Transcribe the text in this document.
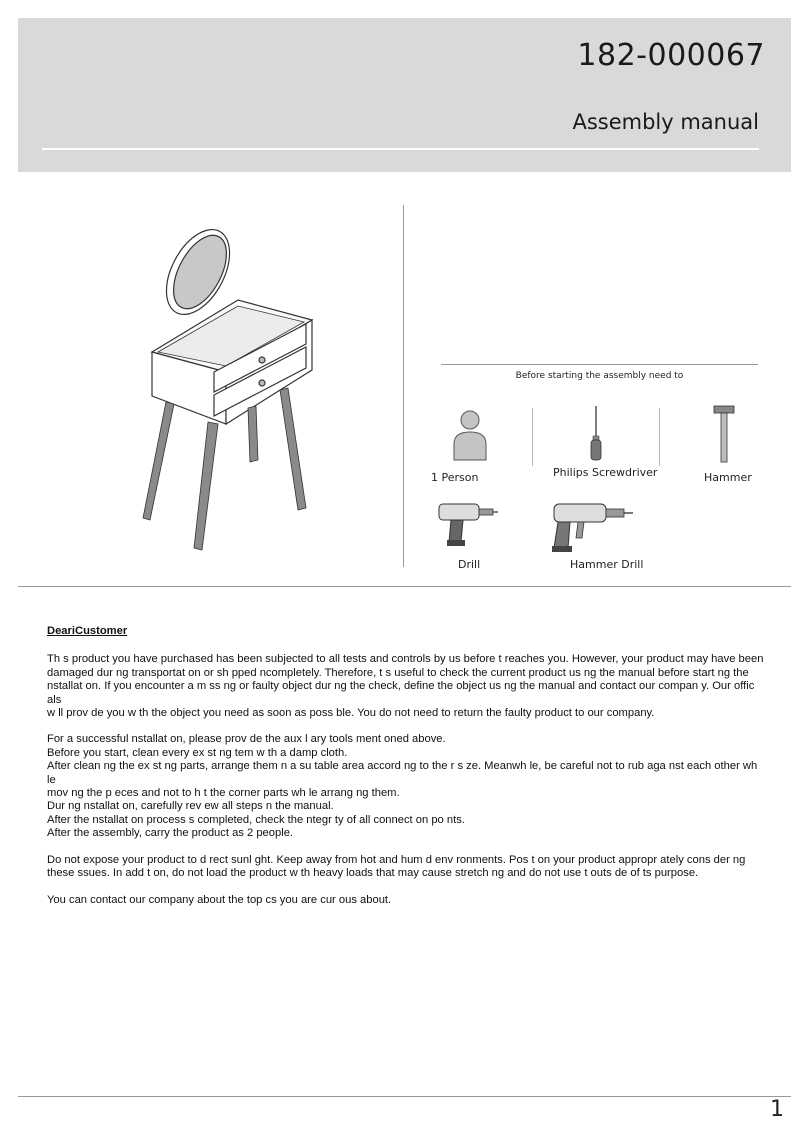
182-000067
Assembly manual
Before starting the assembly need to
1 Person	Philips Screwdriver	Hammer
Drill	Hammer Drill

DeariCustomer

Th s product you have purchased has been subjected to all tests and controls by us before t reaches you. However, your product may have been
damaged dur ng transportat on or sh pped ncompletely. Therefore, t s useful to check the current product us ng the manual before start ng the
nstallat on. If you encounter a m ss ng or faulty object dur ng the check, define the object us ng the manual and contact our compan y. Our offic als
w ll prov de you w th the object you need as soon as poss ble. You do not need to return the faulty product to our company.
For a successful nstallat on, please prov de the aux l ary tools ment oned above.
Before you start, clean every ex st ng tem w th a damp cloth.
After clean ng the ex st ng parts, arrange them n a su table area accord ng to the r s ze. Meanwh le, be careful not to rub aga nst each other wh le
mov ng the p eces and not to h t the corner parts wh le arrang ng them.
Dur ng nstallat on, carefully rev ew all steps n the manual.
After the nstallat on process s completed, check the ntegr ty of all connect on po nts.
After the assembly, carry the product as 2 people.
Do not expose your product to d rect sunl ght. Keep away from hot and hum d env ronments. Pos t on your product appropr ately cons der ng
these ssues. In add t on, do not load the product w th heavy loads that may cause stretch ng and do not use t outs de of ts purpose.
You can contact our company about the top cs you are cur ous about.
1
